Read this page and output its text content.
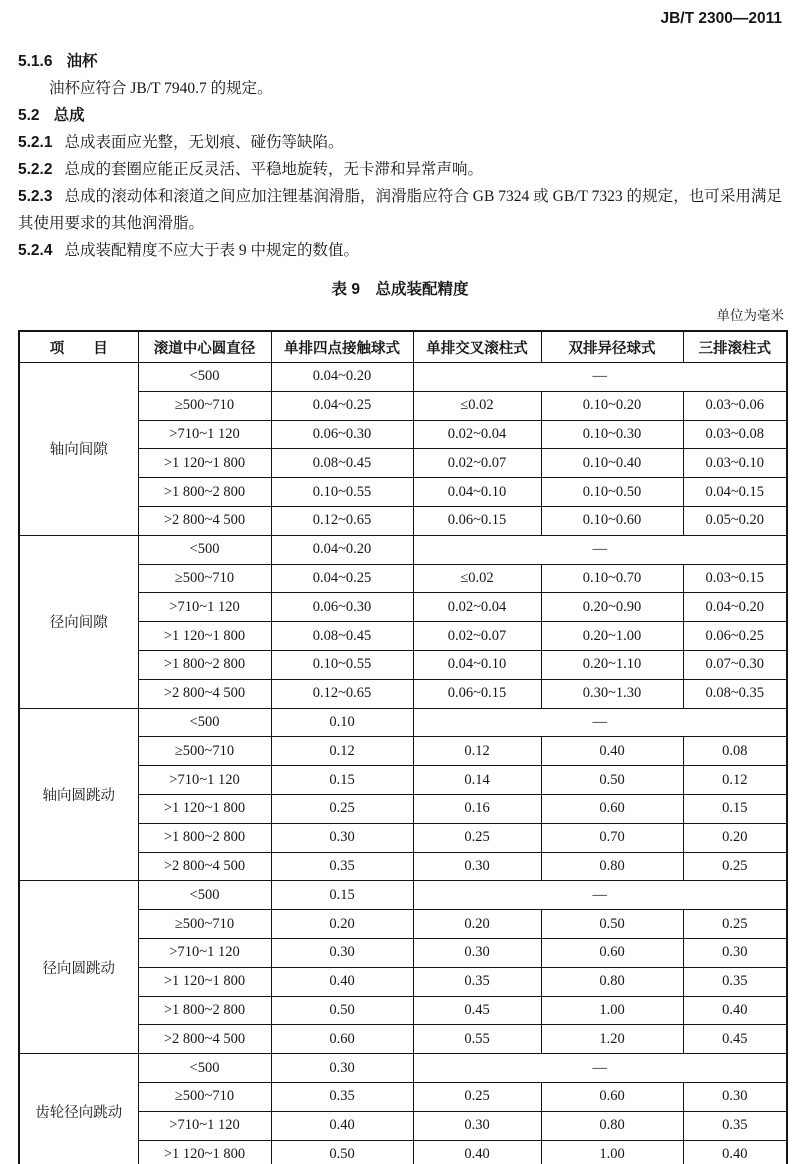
JB/T 2300—2011

5.1.6 油杯

油杯应符合 JB/T 7940.7 的规定。

5.2 总成

5.2.1 总成表面应光整，无划痕、碰伤等缺陷。

5.2.2 总成的套圈应能正反灵活、平稳地旋转，无卡滞和异常声响。

5.2.3 总成的滚动体和滚道之间应加注锂基润滑脂，润滑脂应符合 GB 7324 或 GB/T 7323 的规定，也可采用满足其使用要求的其他润滑脂。

5.2.4 总成装配精度不应大于表 9 中规定的数值。

表 9　总成装配精度

单位为毫米
项　　目	滚道中心圆直径	单排四点接触球式	单排交叉滚柱式	双排异径球式	三排滚柱式
轴向间隙	<500	0.04~0.20	—		
	≥500~710	0.04~0.25	≤0.02	0.10~0.20	0.03~0.06
	>710~1 120	0.06~0.30	0.02~0.04	0.10~0.30	0.03~0.08
	>1 120~1 800	0.08~0.45	0.02~0.07	0.10~0.40	0.03~0.10
	>1 800~2 800	0.10~0.55	0.04~0.10	0.10~0.50	0.04~0.15
	>2 800~4 500	0.12~0.65	0.06~0.15	0.10~0.60	0.05~0.20
径向间隙	<500	0.04~0.20	—		
	≥500~710	0.04~0.25	≤0.02	0.10~0.70	0.03~0.15
	>710~1 120	0.06~0.30	0.02~0.04	0.20~0.90	0.04~0.20
	>1 120~1 800	0.08~0.45	0.02~0.07	0.20~1.00	0.06~0.25
	>1 800~2 800	0.10~0.55	0.04~0.10	0.20~1.10	0.07~0.30
	>2 800~4 500	0.12~0.65	0.06~0.15	0.30~1.30	0.08~0.35
轴向圆跳动	<500	0.10	—		
	≥500~710	0.12	0.12	0.40	0.08
	>710~1 120	0.15	0.14	0.50	0.12
	>1 120~1 800	0.25	0.16	0.60	0.15
	>1 800~2 800	0.30	0.25	0.70	0.20
	>2 800~4 500	0.35	0.30	0.80	0.25
径向圆跳动	<500	0.15	—		
	≥500~710	0.20	0.20	0.50	0.25
	>710~1 120	0.30	0.30	0.60	0.30
	>1 120~1 800	0.40	0.35	0.80	0.35
	>1 800~2 800	0.50	0.45	1.00	0.40
	>2 800~4 500	0.60	0.55	1.20	0.45
齿轮径向跳动	<500	0.30	—		
	≥500~710	0.35	0.25	0.60	0.30
	>710~1 120	0.40	0.30	0.80	0.35
	>1 120~1 800	0.50	0.40	1.00	0.40
